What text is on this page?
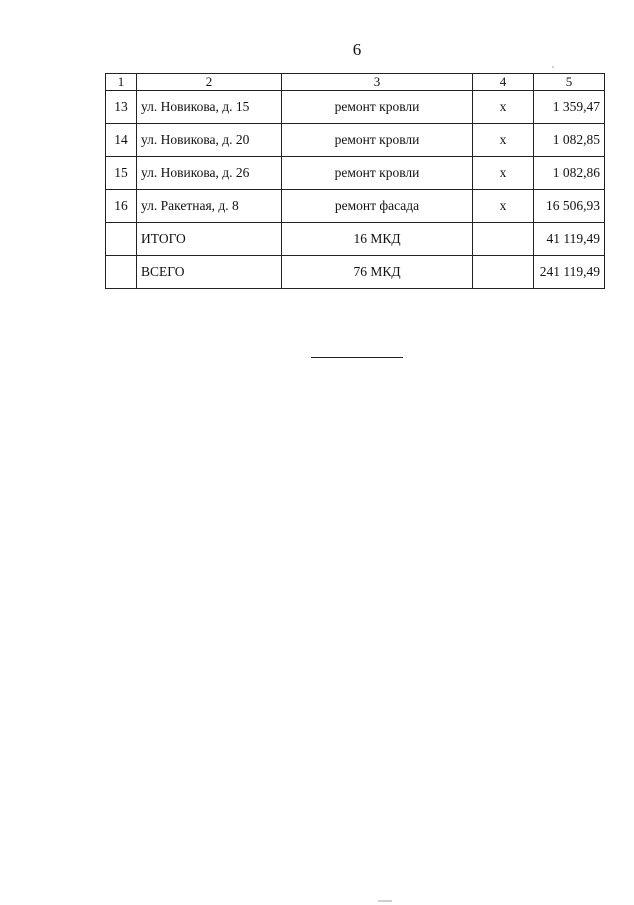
6
1	2	3	4	5
13	ул. Новикова, д. 15	ремонт кровли	x	1 359,47
14	ул. Новикова, д. 20	ремонт кровли	x	1 082,85
15	ул. Новикова, д. 26	ремонт кровли	x	1 082,86
16	ул. Ракетная, д. 8	ремонт фасада	x	16 506,93
	ИТОГО	16 МКД		41 119,49
	ВСЕГО	76 МКД		241 119,49
